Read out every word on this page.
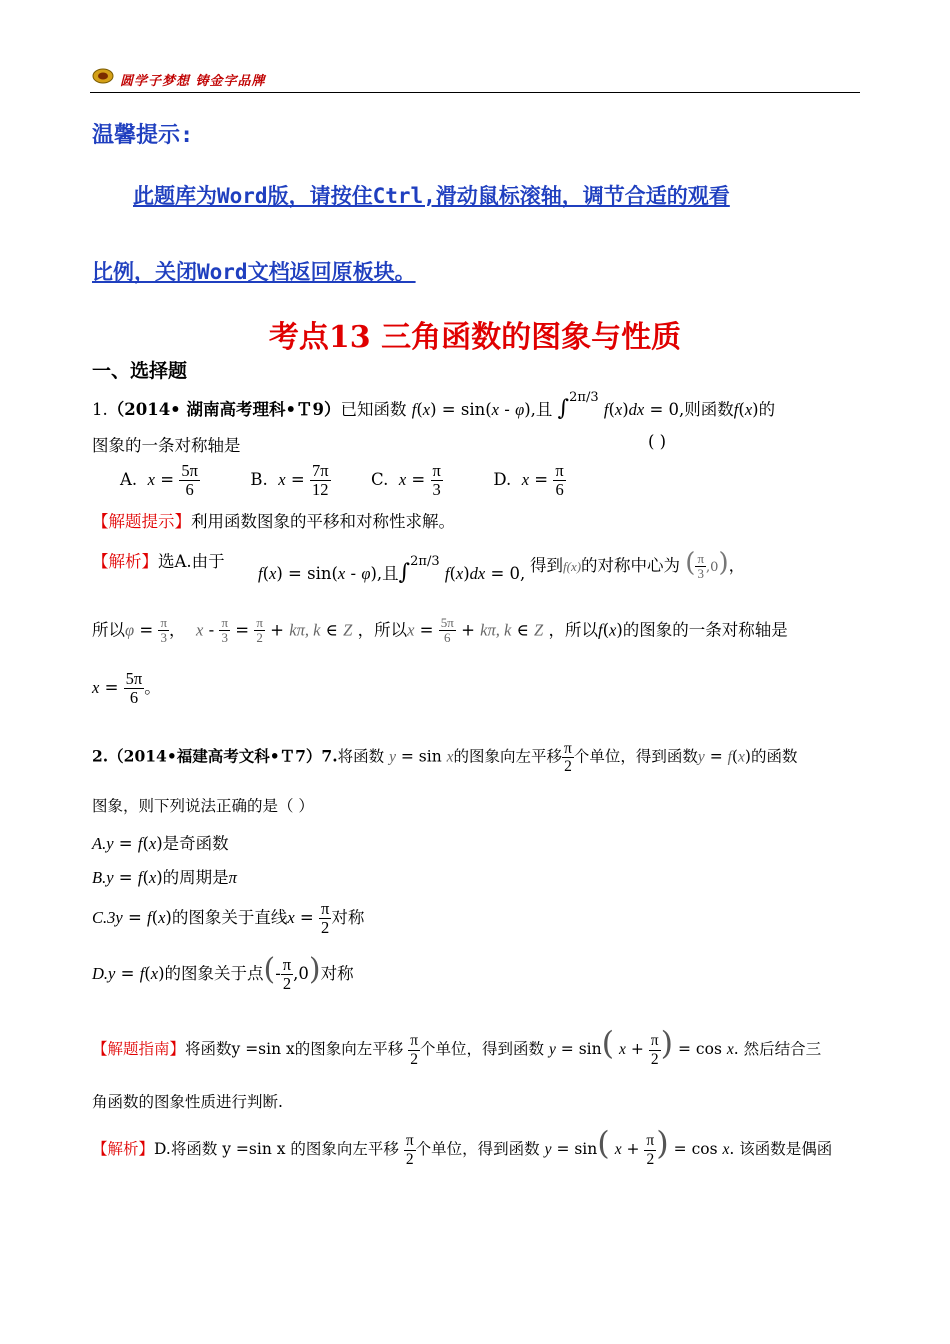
圆学子梦想 铸金字品牌
温馨提示:
此题库为Word版，请按住Ctrl,滑动鼠标滚轴，调节合适的观看
比例，关闭Word文档返回原板块。
考点13 三角函数的图象与性质
一、选择题
1.（2014• 湖南高考理科•Ｔ9）已知函数 f(x) = sin(x - φ),且 ∫$^{2\pi/3}$ f(x)dx = 0,则函数f(x)的
图象的一条对称轴是	( )
A. $x = \frac{5\pi}{6}$	B. $x = \frac{7\pi}{12} C$. $x = \frac{\pi}{3}$	D. $x = \frac{\pi}{6}$
【解题提示】利用函数图象的平移和对称性求解。
【解析】选A.由于
f(x) = sin(x - φ),且∫$^{2\pi/3}$ f(x)dx = 0, 得到f(x)的对称中心为 ( $\frac{\pi}{3} ,0$)，
所以$\varphi = \frac{\pi}{3}$ ， $x - \frac{\pi}{3} = \frac{\pi}{2} + k\pi$, k ∈ Z ，所以$x = \frac{5\pi}{6} + k\pi$, k ∈ Z ，所以f(x)的图象的一条对称轴是
$x = \frac{5\pi}{6}$ 。
2.（2014•福建高考文科•Ｔ7）7.将函数 y = sin x的图象向左平移 $\frac{\pi}{2}$ 个单位，得到函数y = f(x)的函数
图象，则下列说法正确的是（ ）
A.y = f(x)是奇函数
B.y = f(x)的周期是π
C.3y = f(x)的图象关于直线$x = \frac{\pi}{2}$ 对称
D.y = f(x)的图象关于点(- $\frac{\pi}{2} ,0$)对称
【解题指南】将函数y =sin x的图象向左平移 $\frac{\pi}{2}$ 个单位，得到函数 y = sin( $x + \frac{\pi}{2}$ ) = cos x. 然后结合三
角函数的图象性质进行判断.
【解析】D.将函数 y =sin x 的图象向左平移 $\frac{\pi}{2}$ 个单位，得到函数 y = sin( $x + \frac{\pi}{2}$ ) = cos x. 该函数是偶函
